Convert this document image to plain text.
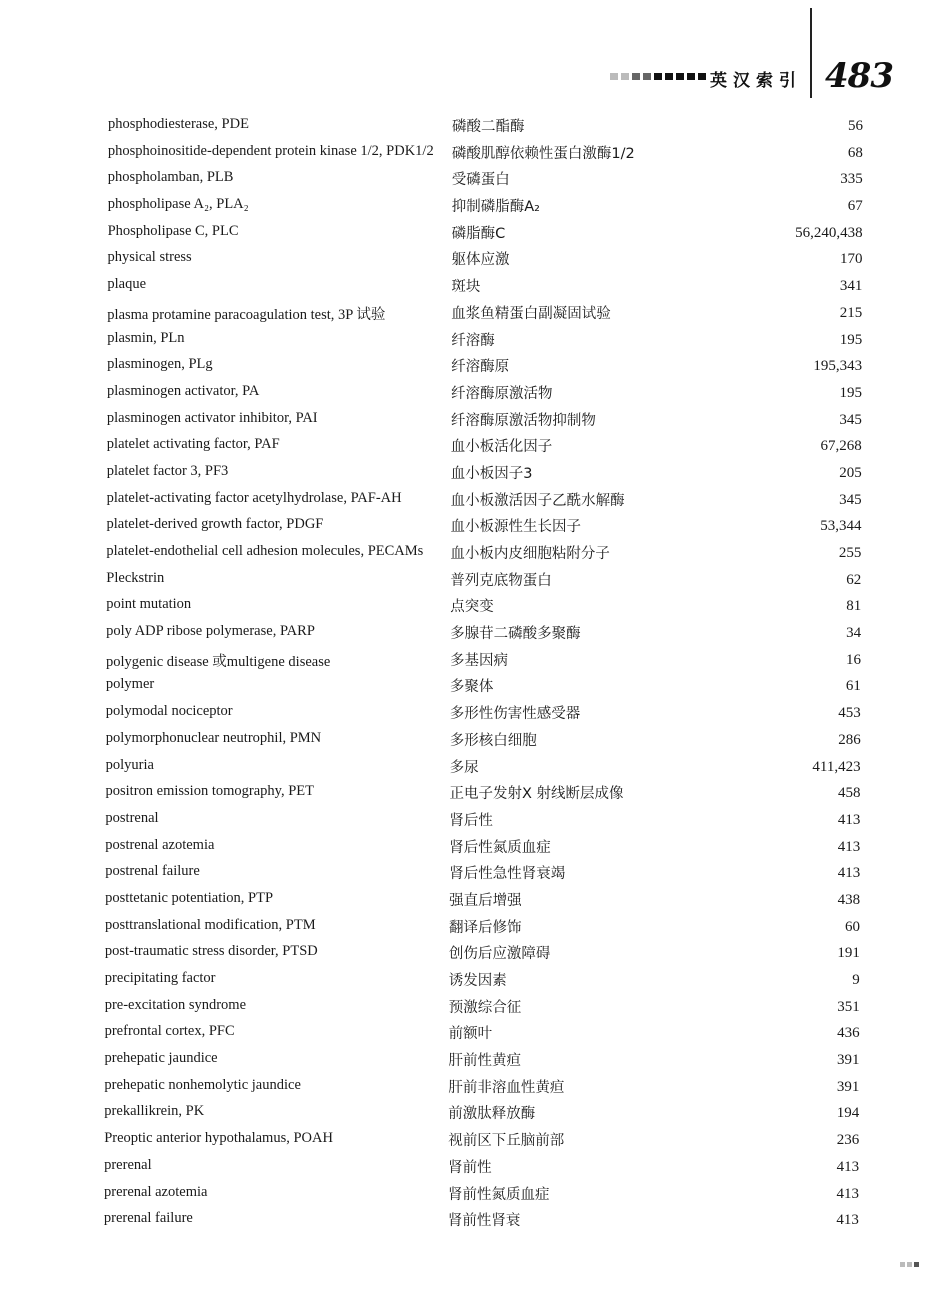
英汉索引 483
phosphodiesterase, PDE	磷酸二酯酶	56
phosphoinositide-dependent protein kinase 1/2, PDK1/2 磷酸肌醇依赖性蛋白激酶1/2	68
phospholamban, PLB	受磷蛋白	335
phospholipase A₂, PLA₂	抑制磷脂酶A₂	67
Phospholipase C, PLC	磷脂酶C	56,240,438
physical stress	躯体应激	170
plaque	斑块	341
plasma protamine paracoagulation test, 3P 试验	血浆鱼精蛋白副凝固试验	215
plasmin, PLn	纤溶酶	195
plasminogen, PLg	纤溶酶原	195,343
plasminogen activator, PA	纤溶酶原激活物	195
plasminogen activator inhibitor, PAI	纤溶酶原激活物抑制物	345
platelet activating factor, PAF	血小板活化因子	67,268
platelet factor 3, PF3	血小板因子3	205
platelet-activating factor acetylhydrolase, PAF-AH	血小板激活因子乙酰水解酶	345
platelet-derived growth factor, PDGF	血小板源性生长因子	53,344
platelet-endothelial cell adhesion molecules, PECAMs 血小板内皮细胞粘附分子	255
Pleckstrin	普列克底物蛋白	62
point mutation	点突变	81
poly ADP ribose polymerase, PARP	多腺苷二磷酸多聚酶	34
polygenic disease 或multigene disease	多基因病	16
polymer	多聚体	61
polymodal nociceptor	多形性伤害性感受器	453
polymorphonuclear neutrophil, PMN	多形核白细胞	286
polyuria	多尿	411,423
positron emission tomography, PET	正电子发射X 射线断层成像	458
postrenal	肾后性	413
postrenal azotemia	肾后性氮质血症	413
postrenal failure	肾后性急性肾衰竭	413
posttetanic potentiation, PTP	强直后增强	438
posttranslational modification, PTM	翻译后修饰	60
post-traumatic stress disorder, PTSD	创伤后应激障碍	191
precipitating factor	诱发因素	9
pre-excitation syndrome	预激综合征	351
prefrontal cortex, PFC	前额叶	436
prehepatic jaundice	肝前性黄疸	391
prehepatic nonhemolytic jaundice	肝前非溶血性黄疸	391
prekallikrein, PK	前激肽释放酶	194
Preoptic anterior hypothalamus, POAH	视前区下丘脑前部	236
prerenal	肾前性	413
prerenal azotemia	肾前性氮质血症	413
prerenal failure	肾前性肾衰	413
